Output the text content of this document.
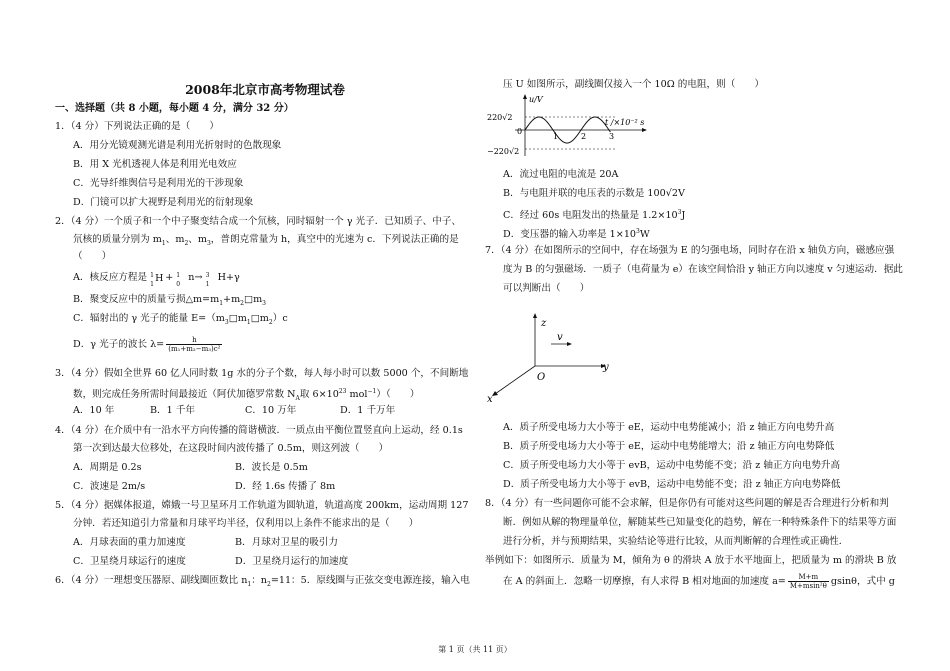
2008年北京市高考物理试卷
一、选择题（共 8 小题，每小题 4 分，满分 32 分）
1．（4 分）下列说法正确的是（　　）
A．用分光镜观测光谱是利用光折射时的色散现象
B．用 X 光机透视人体是利用光电效应
C．光导纤维舆信号是利用光的干涉现象
D．门镜可以扩大视野是利用光的衍射现象
2．（4 分）一个质子和一个中子聚变结合成一个氘核，同时辐射一个 γ 光子．已知质子、中子、
氘核的质量分别为 $m_1$、$m_2$、$m_3$，普朗克常量为 h，真空中的光速为 c．下列说法正确的是
（　　）
A．核反应方程是 1
1
H + 1
0

n→ 3
1

H+γ
B．聚变反应中的质量亏损$\triangle m=m_1+m_2□m_3$
C．辐射出的 γ 光子的能量 $E=(m_3□m_1□m_2)c$
D．γ 光子的波长 $\lambda= \frac{h}{\text{(m₁+m₂−m₃)c²}}$
3．（4 分）假如全世界 60 亿人同时数 1g 水的分子个数，每人每小时可以数 5000 个，不间断地
数，则完成任务所需时间最接近（阿伏加德罗常数 $N_A$取 $6\times 10^{23}$ mol$^{-1}$）（　　）
A．10 年	B．1 千年	C．10 万年	D．1 千万年
4．（4 分）在介质中有一沿水平方向传播的简谐横波．一质点由平衡位置竖直向上运动，经 0.1s
第一次到达最大位移处，在这段时间内波传播了 0.5m，则这列波（　　）
A．周期是 0.2s	B．波长是 0.5m
C．波速是 2m/s	D．经 1.6s 传播了 8m
5．（4 分）据媒体报道，嫦娥一号卫星环月工作轨道为圆轨道，轨道高度 200km，运动周期 127
分钟．若还知道引力常量和月球平均半径，仅利用以上条件不能求出的是（　　）
A．月球表面的重力加速度	B．月球对卫星的吸引力
C．卫星绕月球运行的速度	D．卫星绕月运行的加速度
6．（4 分）一理想变压器原、副线圈匝数比 $n_1$：$n_2=11$：5．原线圈与正弦交变电源连接，输入电
压 U 如图所示，副线圈仅接入一个 10Ω 的电阻，则（　　）
u/V
220√2
0
−220√2
t /×10⁻² s
1	2	3
A．流过电阻的电流是 20A
B．与电阻并联的电压表的示数是 100√2V
C．经过 60s 电阻发出的热量是 $1.2\times 10^3J$
D．变压器的输入功率是 $1\times 10^3W$
7．（4 分）在如图所示的空间中，存在场强为 E 的匀强电场，同时存在沿 x 轴负方向，磁感应强
度为 B 的匀强磁场．一质子（电荷量为 e）在该空间恰沿 y 轴正方向以速度 v 匀速运动．据此
可以判断出（　　）
z
y
x
O
v
A．质子所受电场力大小等于 eE，运动中电势能减小；沿 z 轴正方向电势升高
B．质子所受电场力大小等于 eE，运动中电势能增大；沿 z 轴正方向电势降低
C．质子所受电场力大小等于 evB，运动中电势能不变；沿 z 轴正方向电势升高
D．质子所受电场力大小等于 evB，运动中电势能不变；沿 z 轴正方向电势降低
8．（4 分）有一些问题你可能不会求解，但是你仍有可能对这些问题的解是否合理进行分析和判
断．例如从解的物理量单位，解随某些已知量变化的趋势，解在一种特殊条件下的结果等方面
进行分析，并与预期结果，实验结论等进行比较，从而判断解的合理性或正确性．
举例如下：如图所示．质量为 M，倾角为 θ 的滑块 A 放于水平地面上，把质量为 m 的滑块 B 放
在 A 的斜面上．忽略一切摩擦，有人求得 B 相对地面的加速度 $a= \frac{M+m}{\text{M+msin²θ}}$ gsinθ，式中 g
第 1 页（共 11 页）
